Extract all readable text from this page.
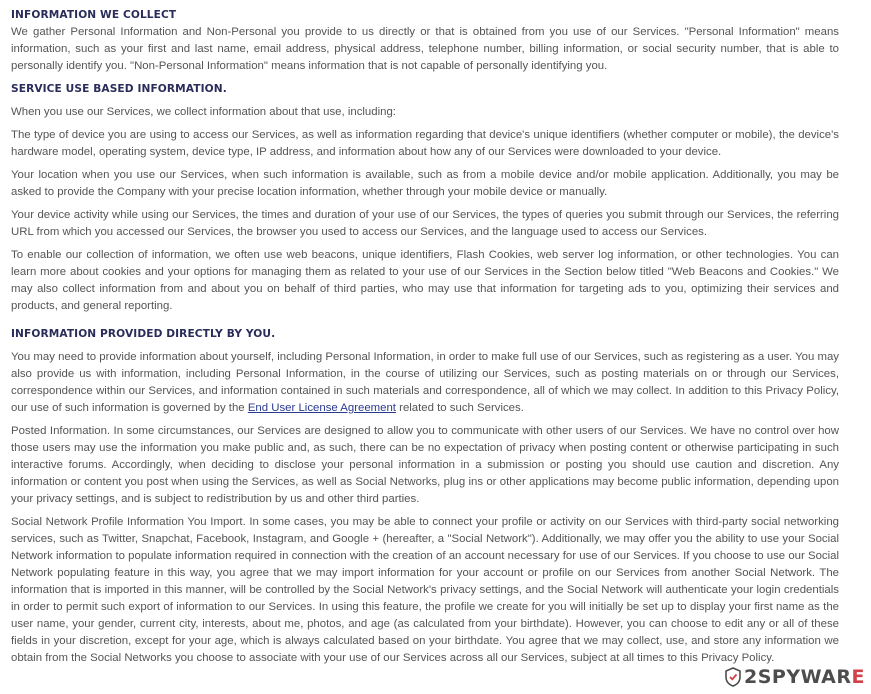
INFORMATION WE COLLECT

We gather Personal Information and Non-Personal you provide to us directly or that is obtained from you use of our Services. "Personal Information" means information, such as your first and last name, email address, physical address, telephone number, billing information, or social security number, that is able to personally identify you. "Non-Personal Information" means information that is not capable of personally identifying you.

SERVICE USE BASED INFORMATION.

When you use our Services, we collect information about that use, including:

The type of device you are using to access our Services, as well as information regarding that device's unique identifiers (whether computer or mobile), the device's hardware model, operating system, device type, IP address, and information about how any of our Services were downloaded to your device.

Your location when you use our Services, when such information is available, such as from a mobile device and/or mobile application. Additionally, you may be asked to provide the Company with your precise location information, whether through your mobile device or manually.

Your device activity while using our Services, the times and duration of your use of our Services, the types of queries you submit through our Services, the referring URL from which you accessed our Services, the browser you used to access our Services, and the language used to access our Services.

To enable our collection of information, we often use web beacons, unique identifiers, Flash Cookies, web server log information, or other technologies. You can learn more about cookies and your options for managing them as related to your use of our Services in the Section below titled "Web Beacons and Cookies." We may also collect information from and about you on behalf of third parties, who may use that information for targeting ads to you, optimizing their services and products, and general reporting.

INFORMATION PROVIDED DIRECTLY BY YOU.

You may need to provide information about yourself, including Personal Information, in order to make full use of our Services, such as registering as a user. You may also provide us with information, including Personal Information, in the course of utilizing our Services, such as posting materials on or through our Services, correspondence within our Services, and information contained in such materials and correspondence, all of which we may collect. In addition to this Privacy Policy, our use of such information is governed by the End User License Agreement related to such Services.

Posted Information. In some circumstances, our Services are designed to allow you to communicate with other users of our Services. We have no control over how those users may use the information you make public and, as such, there can be no expectation of privacy when posting content or otherwise participating in such interactive forums. Accordingly, when deciding to disclose your personal information in a submission or posting you should use caution and discretion. Any information or content you post when using the Services, as well as Social Networks, plug ins or other applications may become public information, depending upon your privacy settings, and is subject to redistribution by us and other third parties.

Social Network Profile Information You Import. In some cases, you may be able to connect your profile or activity on our Services with third-party social networking services, such as Twitter, Snapchat, Facebook, Instagram, and Google + (hereafter, a "Social Network"). Additionally, we may offer you the ability to use your Social Network information to populate information required in connection with the creation of an account necessary for use of our Services. If you choose to use our Social Network populating feature in this way, you agree that we may import information for your account or profile on our Services from another Social Network. The information that is imported in this manner, will be controlled by the Social Network's privacy settings, and the Social Network will authenticate your login credentials in order to permit such export of information to our Services. In using this feature, the profile we create for you will initially be set up to display your first name as the user name, your gender, current city, interests, about me, photos, and age (as calculated from your birthdate). However, you can choose to edit any or all of these fields in your discretion, except for your age, which is always calculated based on your birthdate. You agree that we may collect, use, and store any information we obtain from the Social Networks you choose to associate with your use of our Services across all our Services, subject at all times to this Privacy Policy.

2SPYWAR E
